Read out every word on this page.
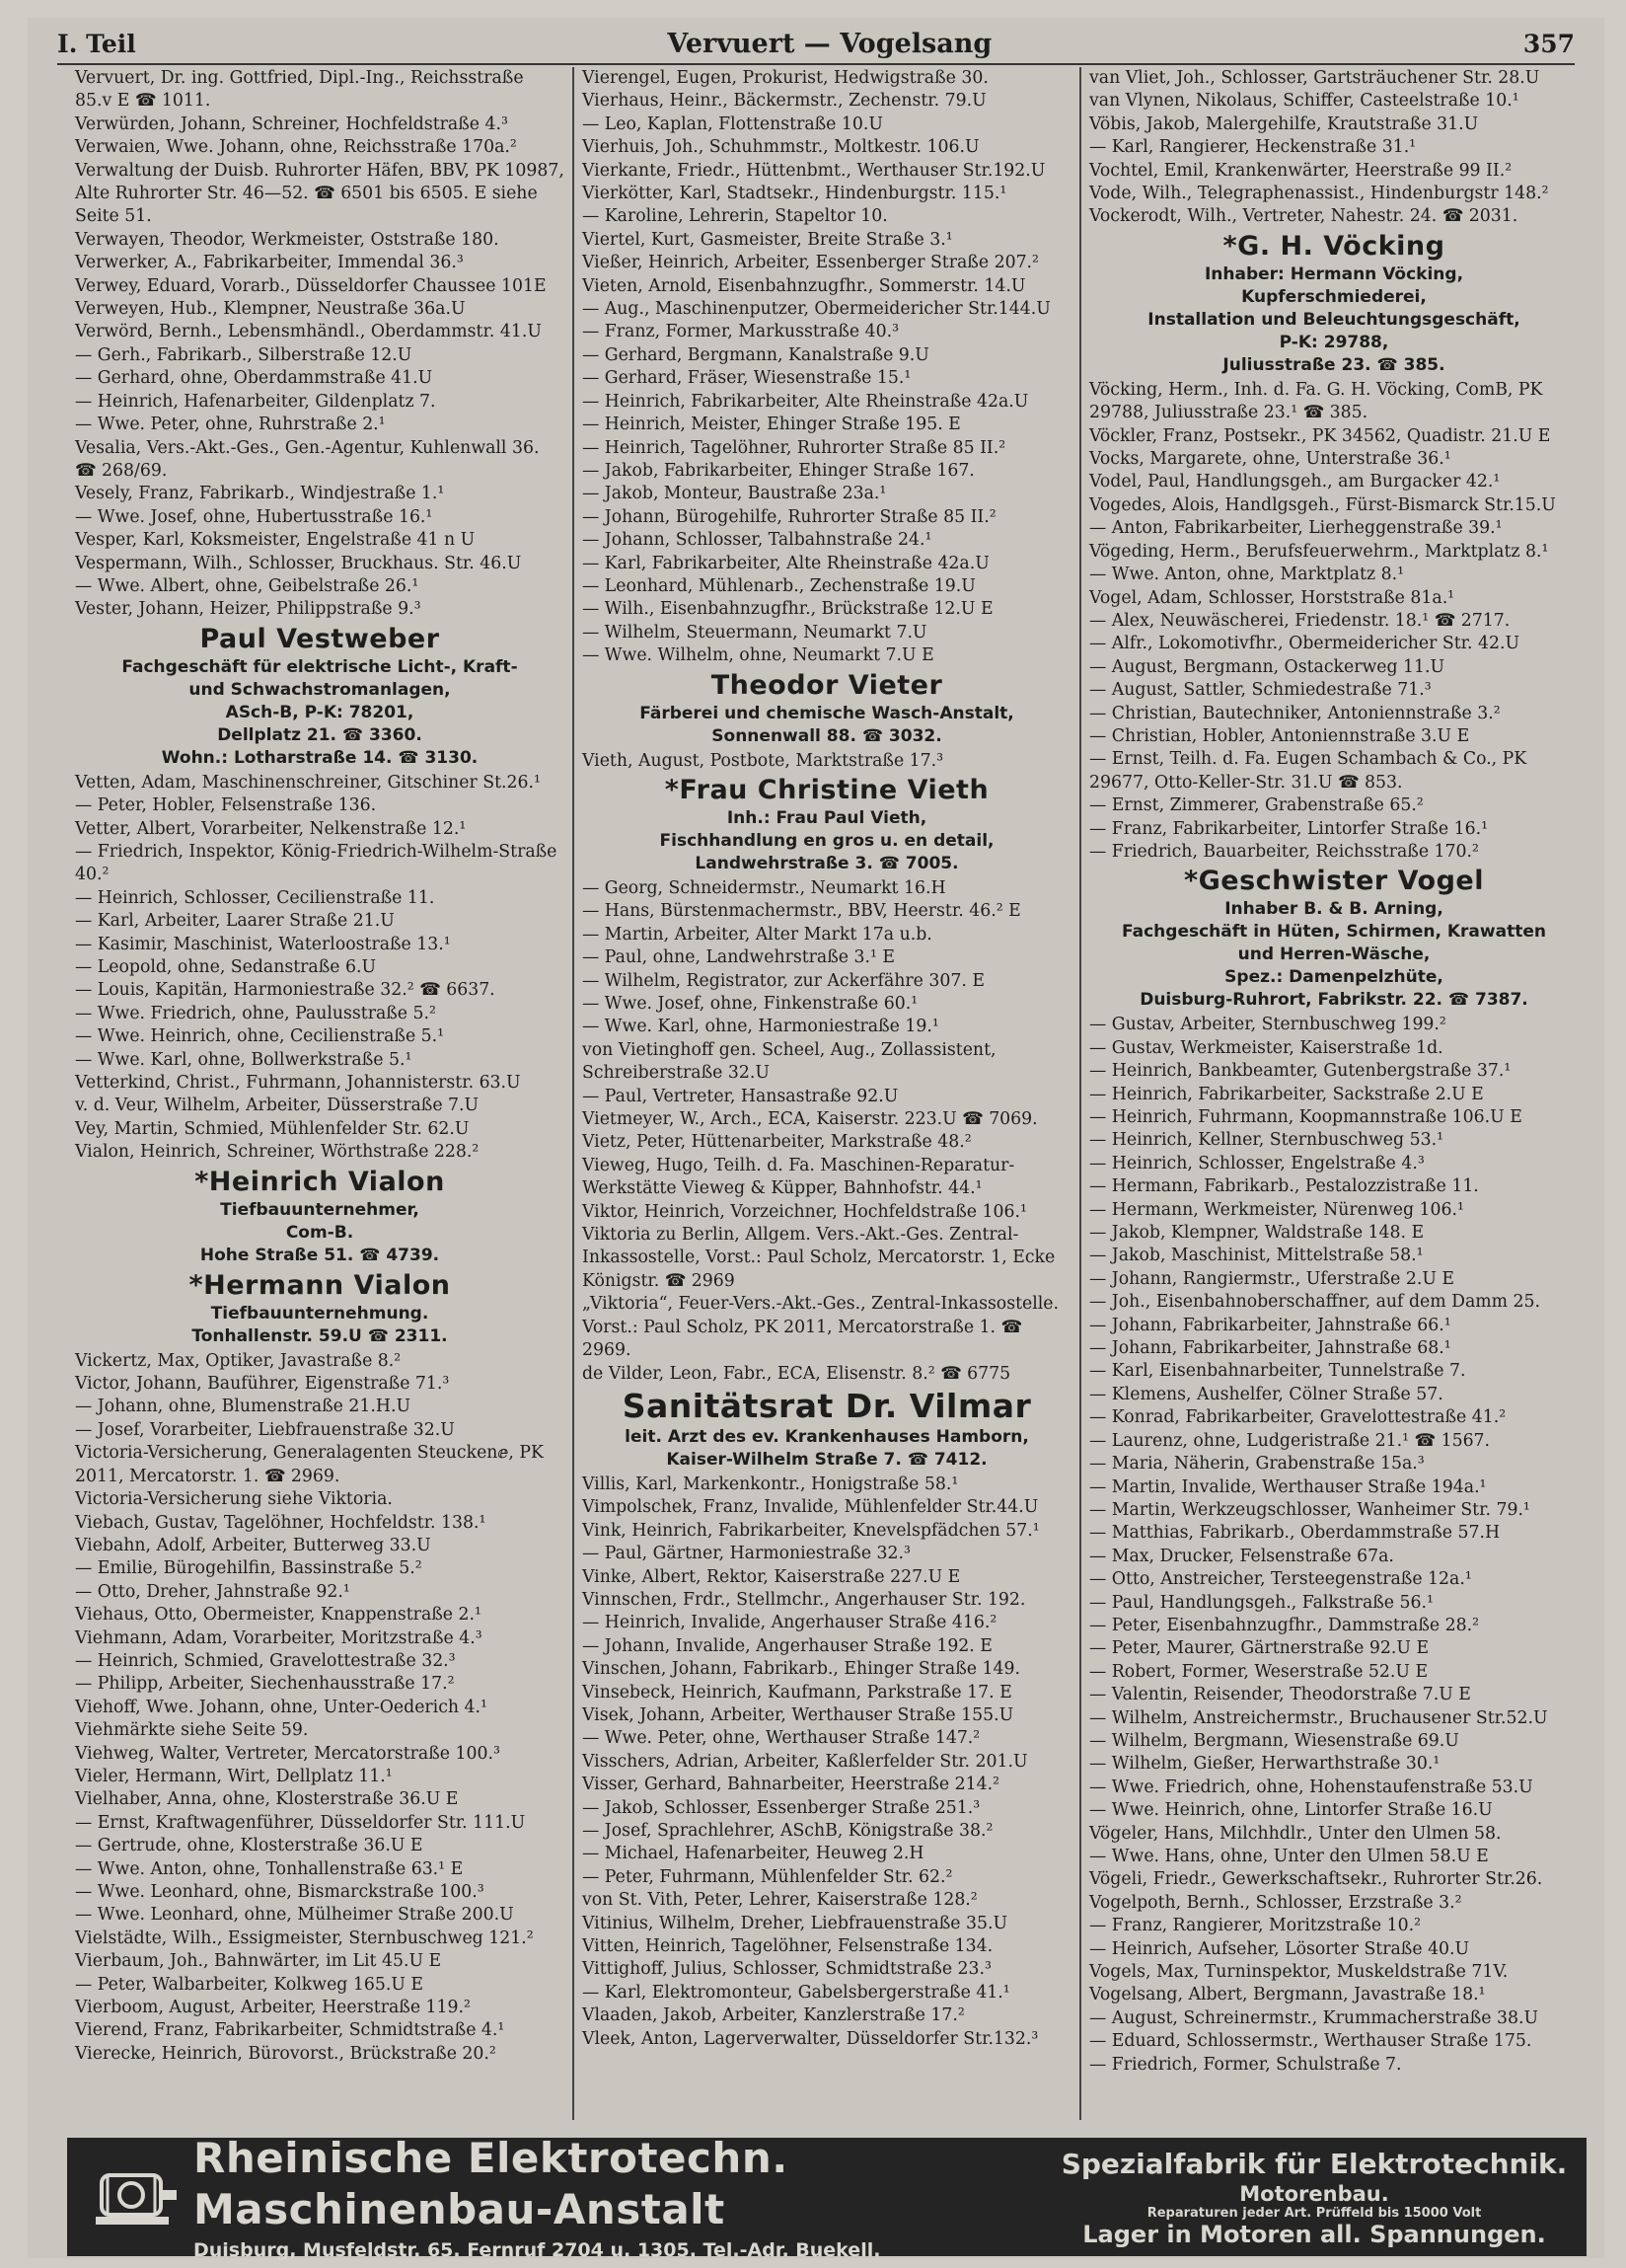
I. Teil	Vervuert — Vogelsang	357
Vervuert, Dr. ing. Gottfried, Dipl.-Ing., Reichsstraße 85.v E ☎ 1011.
Verwürden, Johann, Schreiner, Hochfeldstraße 4.³
Verwaien, Wwe. Johann, ohne, Reichsstraße 170a.²
Verwaltung der Duisb. Ruhrorter Häfen, BBV, PK 10987, Alte Ruhrorter Str. 46—52. ☎ 6501 bis 6505. E siehe Seite 51.
Verwayen, Theodor, Werkmeister, Oststraße 180.
Verwerker, A., Fabrikarbeiter, Immendal 36.³
Verwey, Eduard, Vorarb., Düsseldorfer Chaussee 101E
Verweyen, Hub., Klempner, Neustraße 36a.U
Verwörd, Bernh., Lebensmhändl., Oberdammstr. 41.U
— Gerh., Fabrikarb., Silberstraße 12.U
— Gerhard, ohne, Oberdammstraße 41.U
— Heinrich, Hafenarbeiter, Gildenplatz 7.
— Wwe. Peter, ohne, Ruhrstraße 2.¹
Vesalia, Vers.-Akt.-Ges., Gen.-Agentur, Kuhlenwall 36. ☎ 268/69.
Vesely, Franz, Fabrikarb., Windjestraße 1.¹
— Wwe. Josef, ohne, Hubertusstraße 16.¹
Vesper, Karl, Koksmeister, Engelstraße 41 n U
Vespermann, Wilh., Schlosser, Bruckhaus. Str. 46.U
— Wwe. Albert, ohne, Geibelstraße 26.¹
Vester, Johann, Heizer, Philippstraße 9.³
Paul Vestweber
Fachgeschäft für elektrische Licht-, Kraft-
und Schwachstromanlagen,
ASch-B, P-K: 78201,
Dellplatz 21. ☎ 3360.
Wohn.: Lotharstraße 14. ☎ 3130.
Vetten, Adam, Maschinenschreiner, Gitschiner St.26.¹
— Peter, Hobler, Felsenstraße 136.
Vetter, Albert, Vorarbeiter, Nelkenstraße 12.¹
— Friedrich, Inspektor, König-Friedrich-Wilhelm-Straße 40.²
— Heinrich, Schlosser, Cecilienstraße 11.
— Karl, Arbeiter, Laarer Straße 21.U
— Kasimir, Maschinist, Waterloostraße 13.¹
— Leopold, ohne, Sedanstraße 6.U
— Louis, Kapitän, Harmoniestraße 32.² ☎ 6637.
— Wwe. Friedrich, ohne, Paulusstraße 5.²
— Wwe. Heinrich, ohne, Cecilienstraße 5.¹
— Wwe. Karl, ohne, Bollwerkstraße 5.¹
Vetterkind, Christ., Fuhrmann, Johannisterstr. 63.U
v. d. Veur, Wilhelm, Arbeiter, Düsserstraße 7.U
Vey, Martin, Schmied, Mühlenfelder Str. 62.U
Vialon, Heinrich, Schreiner, Wörthstraße 228.²
*Heinrich Vialon
Tiefbauunternehmer,
Com-B.
Hohe Straße 51. ☎ 4739.
*Hermann Vialon
Tiefbauunternehmung.
Tonhallenstr. 59.U ☎ 2311.
Vickertz, Max, Optiker, Javastraße 8.²
Victor, Johann, Bauführer, Eigenstraße 71.³
— Johann, ohne, Blumenstraße 21.H.U
— Josef, Vorarbeiter, Liebfrauenstraße 32.U
Victoria-Versicherung, Generalagenten Steuckenⅇ, PK 2011, Mercatorstr. 1. ☎ 2969.
Victoria-Versicherung siehe Viktoria.
Viebach, Gustav, Tagelöhner, Hochfeldstr. 138.¹
Viebahn, Adolf, Arbeiter, Butterweg 33.U
— Emilie, Bürogehilfin, Bassinstraße 5.²
— Otto, Dreher, Jahnstraße 92.¹
Viehaus, Otto, Obermeister, Knappenstraße 2.¹
Viehmann, Adam, Vorarbeiter, Moritzstraße 4.³
— Heinrich, Schmied, Gravelottestraße 32.³
— Philipp, Arbeiter, Siechenhausstraße 17.²
Viehoff, Wwe. Johann, ohne, Unter-Oederich 4.¹
Viehmärkte siehe Seite 59.
Viehweg, Walter, Vertreter, Mercatorstraße 100.³
Vieler, Hermann, Wirt, Dellplatz 11.¹
Vielhaber, Anna, ohne, Klosterstraße 36.U E
— Ernst, Kraftwagenführer, Düsseldorfer Str. 111.U
— Gertrude, ohne, Klosterstraße 36.U E
— Wwe. Anton, ohne, Tonhallenstraße 63.¹ E
— Wwe. Leonhard, ohne, Bismarckstraße 100.³
— Wwe. Leonhard, ohne, Mülheimer Straße 200.U
Vielstädte, Wilh., Essigmeister, Sternbuschweg 121.²
Vierbaum, Joh., Bahnwärter, im Lit 45.U E
— Peter, Walbarbeiter, Kolkweg 165.U E
Vierboom, August, Arbeiter, Heerstraße 119.²
Vierend, Franz, Fabrikarbeiter, Schmidtstraße 4.¹
Vierecke, Heinrich, Bürovorst., Brückstraße 20.²
Vierengel, Eugen, Prokurist, Hedwigstraße 30.
Vierhaus, Heinr., Bäckermstr., Zechenstr. 79.U
— Leo, Kaplan, Flottenstraße 10.U
Vierhuis, Joh., Schuhmmstr., Moltkestr. 106.U
Vierkante, Friedr., Hüttenbmt., Werthauser Str.192.U
Vierkötter, Karl, Stadtsekr., Hindenburgstr. 115.¹
— Karoline, Lehrerin, Stapeltor 10.
Viertel, Kurt, Gasmeister, Breite Straße 3.¹
Vießer, Heinrich, Arbeiter, Essenberger Straße 207.²
Vieten, Arnold, Eisenbahnzugfhr., Sommerstr. 14.U
— Aug., Maschinenputzer, Obermeidericher Str.144.U
— Franz, Former, Markusstraße 40.³
— Gerhard, Bergmann, Kanalstraße 9.U
— Gerhard, Fräser, Wiesenstraße 15.¹
— Heinrich, Fabrikarbeiter, Alte Rheinstraße 42a.U
— Heinrich, Meister, Ehinger Straße 195. E
— Heinrich, Tagelöhner, Ruhrorter Straße 85 II.²
— Jakob, Fabrikarbeiter, Ehinger Straße 167.
— Jakob, Monteur, Baustraße 23a.¹
— Johann, Bürogehilfe, Ruhrorter Straße 85 II.²
— Johann, Schlosser, Talbahnstraße 24.¹
— Karl, Fabrikarbeiter, Alte Rheinstraße 42a.U
— Leonhard, Mühlenarb., Zechenstraße 19.U
— Wilh., Eisenbahnzugfhr., Brückstraße 12.U E
— Wilhelm, Steuermann, Neumarkt 7.U
— Wwe. Wilhelm, ohne, Neumarkt 7.U E
Theodor Vieter
Färberei und chemische Wasch-Anstalt,
Sonnenwall 88. ☎ 3032.
Vieth, August, Postbote, Marktstraße 17.³
*Frau Christine Vieth
Inh.: Frau Paul Vieth,
Fischhandlung en gros u. en detail,
Landwehrstraße 3. ☎ 7005.
— Georg, Schneidermstr., Neumarkt 16.H
— Hans, Bürstenmachermstr., BBV, Heerstr. 46.² E
— Martin, Arbeiter, Alter Markt 17a u.b.
— Paul, ohne, Landwehrstraße 3.¹ E
— Wilhelm, Registrator, zur Ackerfähre 307. E
— Wwe. Josef, ohne, Finkenstraße 60.¹
— Wwe. Karl, ohne, Harmoniestraße 19.¹
von Vietinghoff gen. Scheel, Aug., Zollassistent, Schreiberstraße 32.U
— Paul, Vertreter, Hansastraße 92.U
Vietmeyer, W., Arch., ECA, Kaiserstr. 223.U ☎ 7069.
Vietz, Peter, Hüttenarbeiter, Markstraße 48.²
Vieweg, Hugo, Teilh. d. Fa. Maschinen-Reparatur-Werkstätte Vieweg & Küpper, Bahnhofstr. 44.¹
Viktor, Heinrich, Vorzeichner, Hochfeldstraße 106.¹
Viktoria zu Berlin, Allgem. Vers.-Akt.-Ges. Zentral-Inkassostelle, Vorst.: Paul Scholz, Mercatorstr. 1, Ecke Königstr. ☎ 2969
„Viktoria“, Feuer-Vers.-Akt.-Ges., Zentral-Inkassostelle. Vorst.: Paul Scholz, PK 2011, Mercatorstraße 1. ☎ 2969.
de Vilder, Leon, Fabr., ECA, Elisenstr. 8.² ☎ 6775
Sanitätsrat Dr. Vilmar
leit. Arzt des ev. Krankenhauses Hamborn,
Kaiser-Wilhelm Straße 7. ☎ 7412.
Villis, Karl, Markenkontr., Honigstraße 58.¹
Vimpolschek, Franz, Invalide, Mühlenfelder Str.44.U
Vink, Heinrich, Fabrikarbeiter, Knevelspfädchen 57.¹
— Paul, Gärtner, Harmoniestraße 32.³
Vinke, Albert, Rektor, Kaiserstraße 227.U E
Vinnschen, Frdr., Stellmchr., Angerhauser Str. 192.
— Heinrich, Invalide, Angerhauser Straße 416.²
— Johann, Invalide, Angerhauser Straße 192. E
Vinschen, Johann, Fabrikarb., Ehinger Straße 149.
Vinsebeck, Heinrich, Kaufmann, Parkstraße 17. E
Visek, Johann, Arbeiter, Werthauser Straße 155.U
— Wwe. Peter, ohne, Werthauser Straße 147.²
Visschers, Adrian, Arbeiter, Kaßlerfelder Str. 201.U
Visser, Gerhard, Bahnarbeiter, Heerstraße 214.²
— Jakob, Schlosser, Essenberger Straße 251.³
— Josef, Sprachlehrer, ASchB, Königstraße 38.²
— Michael, Hafenarbeiter, Heuweg 2.H
— Peter, Fuhrmann, Mühlenfelder Str. 62.²
von St. Vith, Peter, Lehrer, Kaiserstraße 128.²
Vitinius, Wilhelm, Dreher, Liebfrauenstraße 35.U
Vitten, Heinrich, Tagelöhner, Felsenstraße 134.
Vittighoff, Julius, Schlosser, Schmidtstraße 23.³
— Karl, Elektromonteur, Gabelsbergerstraße 41.¹
Vlaaden, Jakob, Arbeiter, Kanzlerstraße 17.²
Vleek, Anton, Lagerverwalter, Düsseldorfer Str.132.³
van Vliet, Joh., Schlosser, Gartsträuchener Str. 28.U
van Vlynen, Nikolaus, Schiffer, Casteelstraße 10.¹
Vöbis, Jakob, Malergehilfe, Krautstraße 31.U
— Karl, Rangierer, Heckenstraße 31.¹
Vochtel, Emil, Krankenwärter, Heerstraße 99 II.²
Vode, Wilh., Telegraphenassist., Hindenburgstr 148.²
Vockerodt, Wilh., Vertreter, Nahestr. 24. ☎ 2031.
*G. H. Vöcking
Inhaber: Hermann Vöcking,
Kupferschmiederei,
Installation und Beleuchtungsgeschäft,
P-K: 29788,
Juliusstraße 23. ☎ 385.
Vöcking, Herm., Inh. d. Fa. G. H. Vöcking, ComB, PK 29788, Juliusstraße 23.¹ ☎ 385.
Vöckler, Franz, Postsekr., PK 34562, Quadistr. 21.U E
Vocks, Margarete, ohne, Unterstraße 36.¹
Vodel, Paul, Handlungsgeh., am Burgacker 42.¹
Vogedes, Alois, Handlgsgeh., Fürst-Bismarck Str.15.U
— Anton, Fabrikarbeiter, Lierheggenstraße 39.¹
Vögeding, Herm., Berufsfeuerwehrm., Marktplatz 8.¹
— Wwe. Anton, ohne, Marktplatz 8.¹
Vogel, Adam, Schlosser, Horststraße 81a.¹
— Alex, Neuwäscherei, Friedenstr. 18.¹ ☎ 2717.
— Alfr., Lokomotivfhr., Obermeidericher Str. 42.U
— August, Bergmann, Ostackerweg 11.U
— August, Sattler, Schmiedestraße 71.³
— Christian, Bautechniker, Antoniennstraße 3.²
— Christian, Hobler, Antoniennstraße 3.U E
— Ernst, Teilh. d. Fa. Eugen Schambach & Co., PK 29677, Otto-Keller-Str. 31.U ☎ 853.
— Ernst, Zimmerer, Grabenstraße 65.²
— Franz, Fabrikarbeiter, Lintorfer Straße 16.¹
— Friedrich, Bauarbeiter, Reichsstraße 170.²
*Geschwister Vogel
Inhaber B. & B. Arning,
Fachgeschäft in Hüten, Schirmen, Krawatten
und Herren-Wäsche,
Spez.: Damenpelzhüte,
Duisburg-Ruhrort, Fabrikstr. 22. ☎ 7387.
— Gustav, Arbeiter, Sternbuschweg 199.²
— Gustav, Werkmeister, Kaiserstraße 1d.
— Heinrich, Bankbeamter, Gutenbergstraße 37.¹
— Heinrich, Fabrikarbeiter, Sackstraße 2.U E
— Heinrich, Fuhrmann, Koopmannstraße 106.U E
— Heinrich, Kellner, Sternbuschweg 53.¹
— Heinrich, Schlosser, Engelstraße 4.³
— Hermann, Fabrikarb., Pestalozzistraße 11.
— Hermann, Werkmeister, Nürenweg 106.¹
— Jakob, Klempner, Waldstraße 148. E
— Jakob, Maschinist, Mittelstraße 58.¹
— Johann, Rangiermstr., Uferstraße 2.U E
— Joh., Eisenbahnoberschaffner, auf dem Damm 25.
— Johann, Fabrikarbeiter, Jahnstraße 66.¹
— Johann, Fabrikarbeiter, Jahnstraße 68.¹
— Karl, Eisenbahnarbeiter, Tunnelstraße 7.
— Klemens, Aushelfer, Cölner Straße 57.
— Konrad, Fabrikarbeiter, Gravelottestraße 41.²
— Laurenz, ohne, Ludgeristraße 21.¹ ☎ 1567.
— Maria, Näherin, Grabenstraße 15a.³
— Martin, Invalide, Werthauser Straße 194a.¹
— Martin, Werkzeugschlosser, Wanheimer Str. 79.¹
— Matthias, Fabrikarb., Oberdammstraße 57.H
— Max, Drucker, Felsenstraße 67a.
— Otto, Anstreicher, Tersteegenstraße 12a.¹
— Paul, Handlungsgeh., Falkstraße 56.¹
— Peter, Eisenbahnzugfhr., Dammstraße 28.²
— Peter, Maurer, Gärtnerstraße 92.U E
— Robert, Former, Weserstraße 52.U E
— Valentin, Reisender, Theodorstraße 7.U E
— Wilhelm, Anstreichermstr., Bruchausener Str.52.U
— Wilhelm, Bergmann, Wiesenstraße 69.U
— Wilhelm, Gießer, Herwarthstraße 30.¹
— Wwe. Friedrich, ohne, Hohenstaufenstraße 53.U
— Wwe. Heinrich, ohne, Lintorfer Straße 16.U
Vögeler, Hans, Milchhdlr., Unter den Ulmen 58.
— Wwe. Hans, ohne, Unter den Ulmen 58.U E
Vögeli, Friedr., Gewerkschaftsekr., Ruhrorter Str.26.
Vogelpoth, Bernh., Schlosser, Erzstraße 3.²
— Franz, Rangierer, Moritzstraße 10.²
— Heinrich, Aufseher, Lösorter Straße 40.U
Vogels, Max, Turninspektor, Muskeldstraße 71V.
Vogelsang, Albert, Bergmann, Javastraße 18.¹
— August, Schreinermstr., Krummacherstraße 38.U
— Eduard, Schlossermstr., Werthauser Straße 175.
— Friedrich, Former, Schulstraße 7.
Rheinische Elektrotechn. Maschinenbau-Anstalt
Duisburg, Musfeldstr. 65. Fernruf 2704 u. 1305. Tel.-Adr. Buekell.
Spezialfabrik für Elektrotechnik.
Motorenbau.
Reparaturen jeder Art. Prüffeld bis 15000 Volt
Lager in Motoren all. Spannungen.
